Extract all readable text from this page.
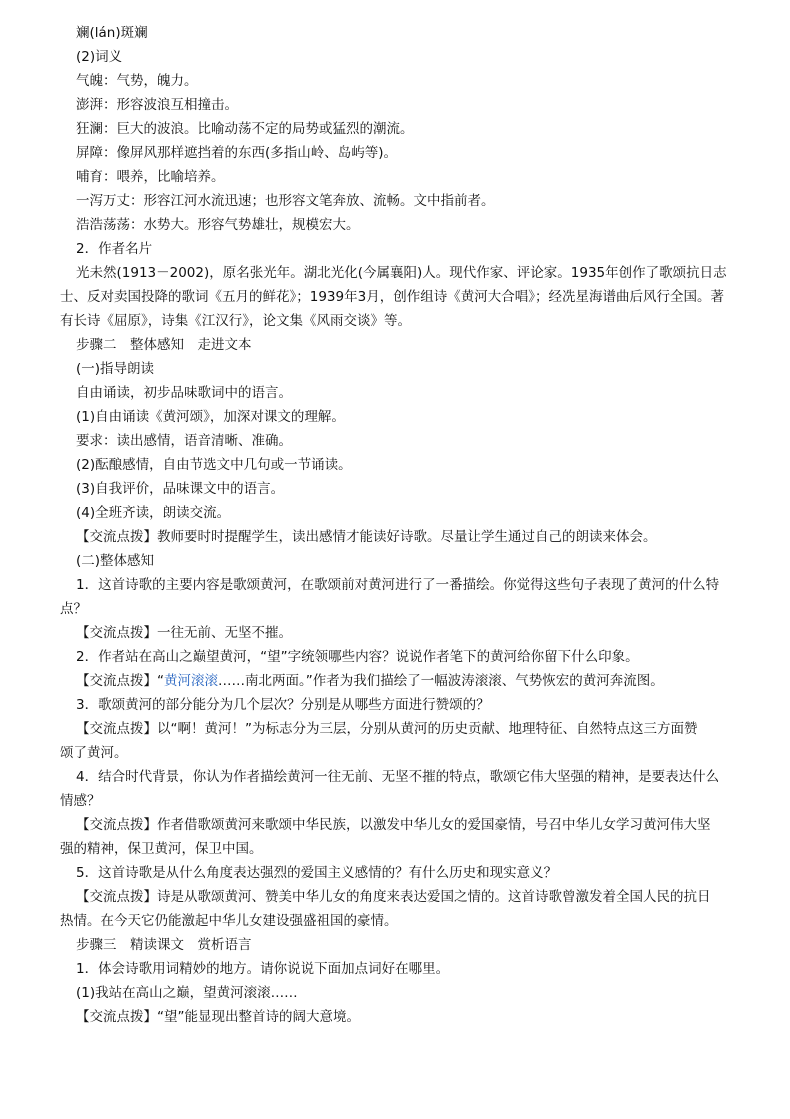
斓(lán)斑斓
(2)词义
气魄：气势，魄力。
澎湃：形容波浪互相撞击。
狂澜：巨大的波浪。比喻动荡不定的局势或猛烈的潮流。
屏障：像屏风那样遮挡着的东西(多指山岭、岛屿等)。
哺育：喂养，比喻培养。
一泻万丈：形容江河水流迅速；也形容文笔奔放、流畅。文中指前者。
浩浩荡荡：水势大。形容气势雄壮，规模宏大。
2．作者名片
光未然(1913－2002)，原名张光年。湖北光化(今属襄阳)人。现代作家、评论家。1935年创作了歌颂抗日志
士、反对卖国投降的歌词《五月的鲜花》；1939年3月，创作组诗《黄河大合唱》；经冼星海谱曲后风行全国。著
有长诗《屈原》，诗集《江汉行》，论文集《风雨交谈》等。
步骤二　整体感知　走进文本
(一)指导朗读
自由诵读，初步品味歌词中的语言。
(1)自由诵读《黄河颂》，加深对课文的理解。
要求：读出感情，语音清晰、准确。
(2)酝酿感情，自由节选文中几句或一节诵读。
(3)自我评价，品味课文中的语言。
(4)全班齐读，朗读交流。
【交流点拨】教师要时时提醒学生，读出感情才能读好诗歌。尽量让学生通过自己的朗读来体会。
(二)整体感知
1．这首诗歌的主要内容是歌颂黄河，在歌颂前对黄河进行了一番描绘。你觉得这些句子表现了黄河的什么特
点？
【交流点拨】一往无前、无坚不摧。
2．作者站在高山之巅望黄河，“望”字统领哪些内容？说说作者笔下的黄河给你留下什么印象。
【交流点拨】“黄河滚滚……南北两面。”作者为我们描绘了一幅波涛滚滚、气势恢宏的黄河奔流图。
3．歌颂黄河的部分能分为几个层次？分别是从哪些方面进行赞颂的？
【交流点拨】以“啊！黄河！”为标志分为三层，分别从黄河的历史贡献、地理特征、自然特点这三方面赞
颂了黄河。
4．结合时代背景，你认为作者描绘黄河一往无前、无坚不摧的特点，歌颂它伟大坚强的精神，是要表达什么
情感？
【交流点拨】作者借歌颂黄河来歌颂中华民族，以激发中华儿女的爱国豪情，号召中华儿女学习黄河伟大坚
强的精神，保卫黄河，保卫中国。
5．这首诗歌是从什么角度表达强烈的爱国主义感情的？有什么历史和现实意义？
【交流点拨】诗是从歌颂黄河、赞美中华儿女的角度来表达爱国之情的。这首诗歌曾激发着全国人民的抗日
热情。在今天它仍能激起中华儿女建设强盛祖国的豪情。
步骤三　精读课文　赏析语言
1．体会诗歌用词精妙的地方。请你说说下面加点词好在哪里。
(1)我站在高山之巅，望黄河滚滚……
【交流点拨】“望”能显现出整首诗的阔大意境。
